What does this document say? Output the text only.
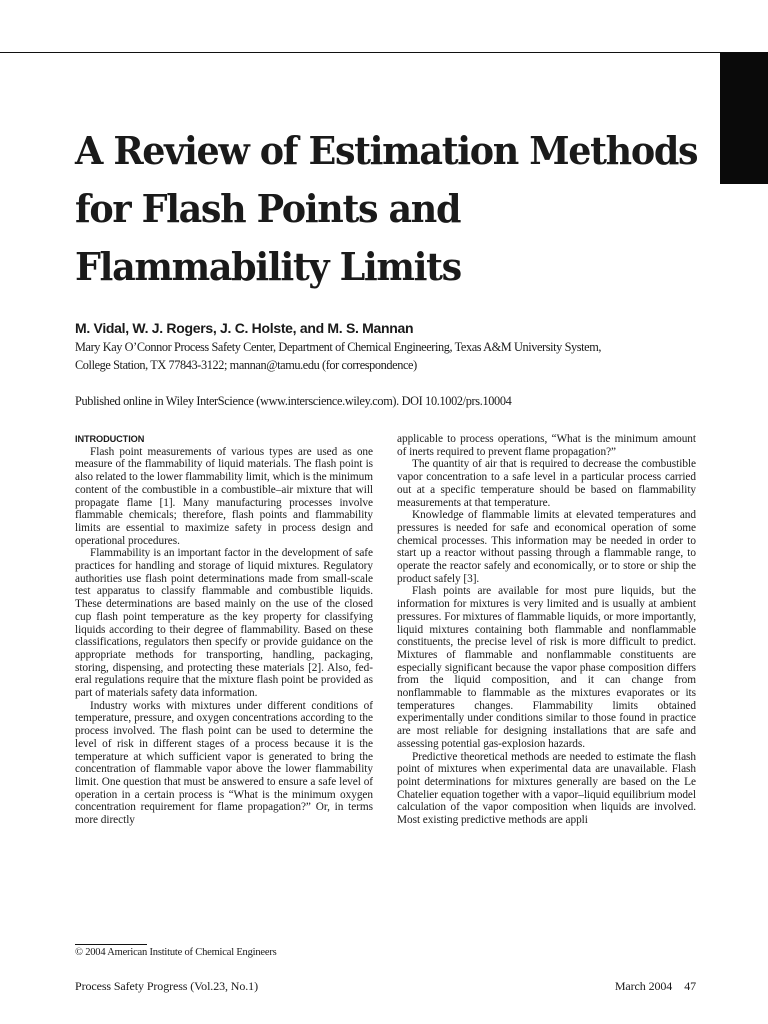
A Review of Estimation Methods
for Flash Points and
Flammability Limits

M. Vidal, W. J. Rogers, J. C. Holste, and M. S. Mannan

Mary Kay O’Connor Process Safety Center, Department of Chemical Engineering, Texas A&M University System,
College Station, TX 77843-3122; mannan@tamu.edu (for correspondence)

Published online in Wiley InterScience (www.interscience.wiley.com). DOI 10.1002/prs.10004

INTRODUCTION

Flash point measurements of various types are used as one measure of the flammability of liquid materials. The flash point is also related to the lower flammability limit, which is the minimum content of the combustible in a combustible–air mixture that will propagate flame [1]. Many manufacturing processes involve flammable chemicals; therefore, flash points and flammability limits are essential to maximize safety in process design and operational procedures.

Flammability is an important factor in the development of safe practices for handling and storage of liquid mixtures. Regulatory authorities use flash point determinations made from small-scale test apparatus to classify flammable and combustible liquids. These determinations are based mainly on the use of the closed cup flash point temperature as the key property for classifying liquids according to their degree of flammability. Based on these classifications, regulators then specify or provide guidance on the appropriate methods for transporting, handling, packaging, storing, dispensing, and protecting these materials [2]. Also, federal regulations require that the mixture flash point be provided as part of materials safety data information.

Industry works with mixtures under different conditions of temperature, pressure, and oxygen concentrations according to the process involved. The flash point can be used to determine the level of risk in different stages of a process because it is the temperature at which sufficient vapor is generated to bring the concentration of flammable vapor above the lower flammability limit. One question that must be answered to ensure a safe level of operation in a certain process is “What is the minimum oxygen concentration requirement for flame propagation?” Or, in terms more directly

applicable to process operations, “What is the minimum amount of inerts required to prevent flame propagation?”

The quantity of air that is required to decrease the combustible vapor concentration to a safe level in a particular process carried out at a specific temperature should be based on flammability measurements at that temperature.

Knowledge of flammable limits at elevated temperatures and pressures is needed for safe and economical operation of some chemical processes. This information may be needed in order to start up a reactor without passing through a flammable range, to operate the reactor safely and economically, or to store or ship the product safely [3].

Flash points are available for most pure liquids, but the information for mixtures is very limited and is usually at ambient pressures. For mixtures of flammable liquids, or more importantly, liquid mixtures containing both flammable and nonflammable constituents, the precise level of risk is more difficult to predict. Mixtures of flammable and nonflammable constituents are especially significant because the vapor phase composition differs from the liquid composition, and it can change from nonflammable to flammable as the mixtures evaporates or its temperatures changes. Flammability limits obtained experimentally under conditions similar to those found in practice are most reliable for designing installations that are safe and assessing potential gas-explosion hazards.

Predictive theoretical methods are needed to estimate the flash point of mixtures when experimental data are unavailable. Flash point determinations for mixtures generally are based on the Le Chatelier equation together with a vapor–liquid equilibrium model calculation of the vapor composition when liquids are involved. Most existing predictive methods are appli

© 2004 American Institute of Chemical Engineers

Process Safety Progress (Vol.23, No.1)	March 2004 47
